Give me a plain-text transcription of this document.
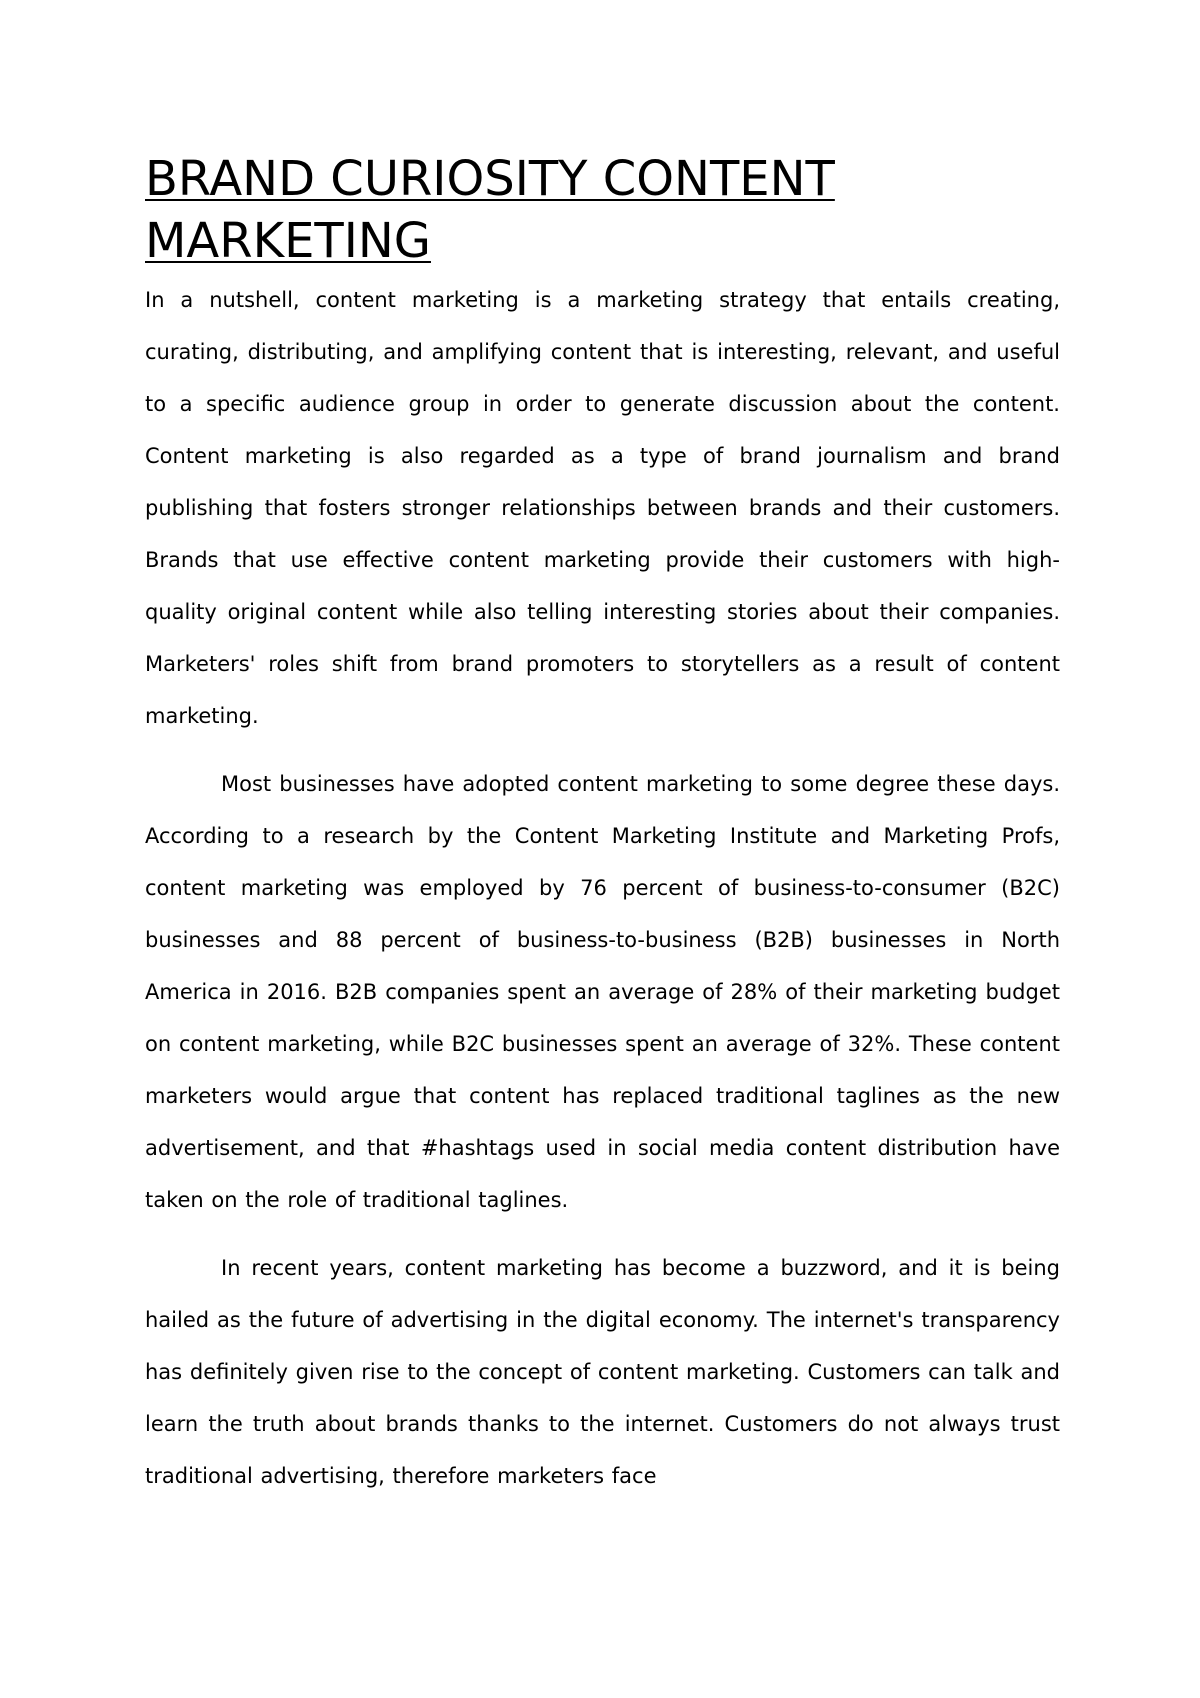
BRAND CURIOSITY CONTENT
MARKETING

In a nutshell, content marketing is a marketing strategy that entails creating, curating, distributing, and amplifying content that is interesting, relevant, and useful to a specific audience group in order to generate discussion about the content. Content marketing is also regarded as a type of brand journalism and brand publishing that fosters stronger relationships between brands and their customers. Brands that use effective content marketing provide their customers with high-quality original content while also telling interesting stories about their companies. Marketers' roles shift from brand promoters to storytellers as a result of content marketing.

Most businesses have adopted content marketing to some degree these days. According to a research by the Content Marketing Institute and Marketing Profs, content marketing was employed by 76 percent of business-to-consumer (B2C) businesses and 88 percent of business-to-business (B2B) businesses in North America in 2016. B2B companies spent an average of 28% of their marketing budget on content marketing, while B2C businesses spent an average of 32%. These content marketers would argue that content has replaced traditional taglines as the new advertisement, and that #hashtags used in social media content distribution have taken on the role of traditional taglines.

In recent years, content marketing has become a buzzword, and it is being hailed as the future of advertising in the digital economy. The internet's transparency has definitely given rise to the concept of content marketing. Customers can talk and learn the truth about brands thanks to the internet. Customers do not always trust traditional advertising, therefore marketers face
